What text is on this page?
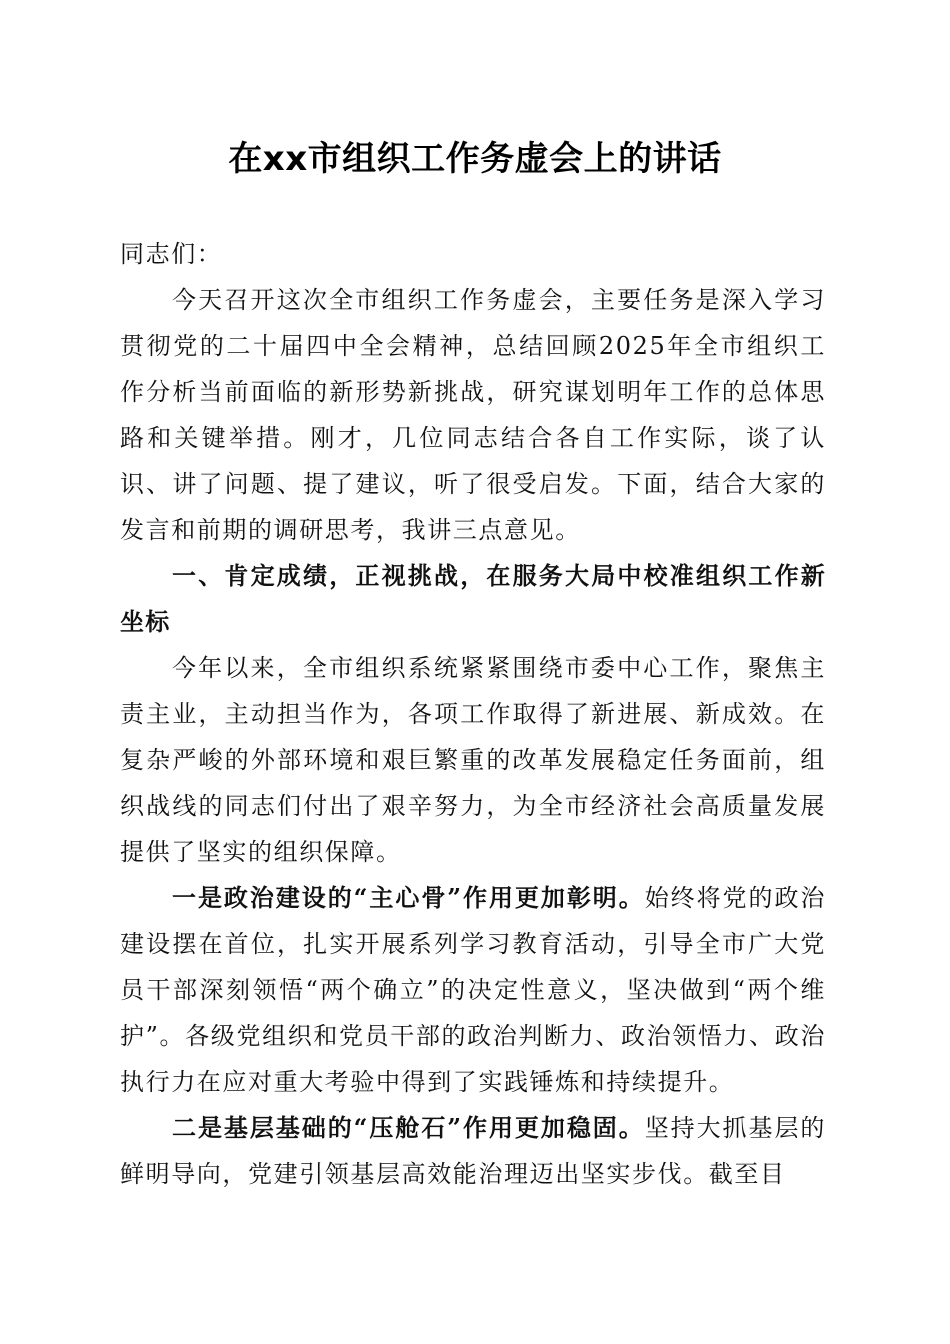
在xx市组织工作务虚会上的讲话

同志们：

今天召开这次全市组织工作务虚会，主要任务是深入学习贯彻党的二十届四中全会精神，总结回顾2025年全市组织工作分析当前面临的新形势新挑战，研究谋划明年工作的总体思路和关键举措。刚才，几位同志结合各自工作实际，谈了认识、讲了问题、提了建议，听了很受启发。下面，结合大家的发言和前期的调研思考，我讲三点意见。

一、肯定成绩，正视挑战，在服务大局中校准组织工作新坐标

今年以来，全市组织系统紧紧围绕市委中心工作，聚焦主责主业，主动担当作为，各项工作取得了新进展、新成效。在复杂严峻的外部环境和艰巨繁重的改革发展稳定任务面前，组织战线的同志们付出了艰辛努力，为全市经济社会高质量发展提供了坚实的组织保障。

一是政治建设的“主心骨”作用更加彰明。始终将党的政治建设摆在首位，扎实开展系列学习教育活动，引导全市广大党员干部深刻领悟“两个确立”的决定性意义，坚决做到“两个维护”。各级党组织和党员干部的政治判断力、政治领悟力、政治执行力在应对重大考验中得到了实践锤炼和持续提升。

二是基层基础的“压舱石”作用更加稳固。坚持大抓基层的鲜明导向，党建引领基层高效能治理迈出坚实步伐。截至目
